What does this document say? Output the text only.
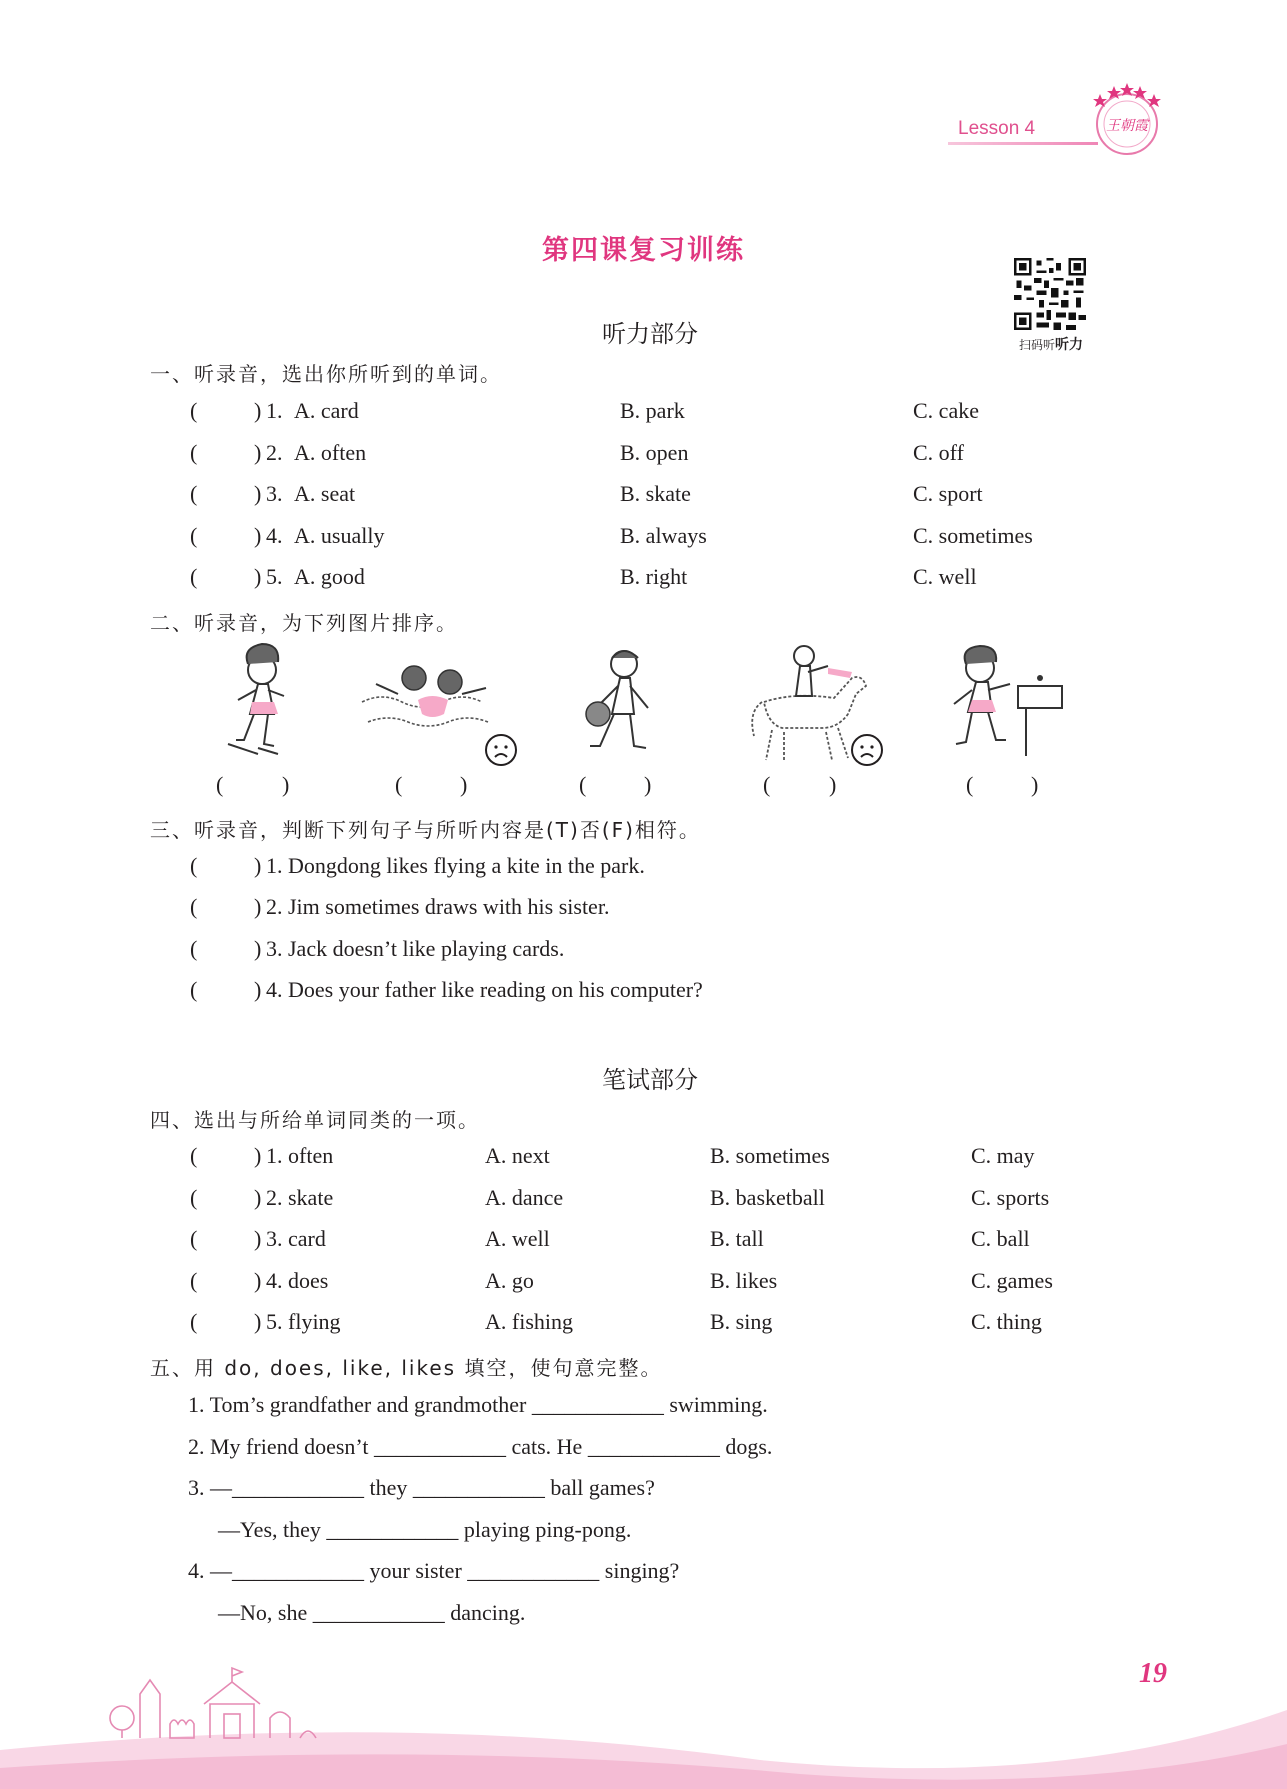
Lesson 4	王朝霞
第四课复习训练
扫码听听力
听力部分
一、听录音，选出你所听到的单词。
(	) 1. A. card	B. park	C. cake
(	) 2. A. often	B. open	C. off
(	) 3. A. seat	B. skate	C. sport
(	) 4. A. usually	B. always	C. sometimes
(	) 5. A. good	B. right	C. well
二、听录音，为下列图片排序。
(	)	(	)	(	)	(	)	(	)
三、听录音，判断下列句子与所听内容是(T)否(F)相符。
(	) 1. Dongdong likes flying a kite in the park.
(	) 2. Jim sometimes draws with his sister.
(	) 3. Jack doesn’t like playing cards.
(	) 4. Does your father like reading on his computer?
笔试部分
四、选出与所给单词同类的一项。
(	) 1. often	A. next	B. sometimes	C. may
(	) 2. skate	A. dance	B. basketball	C. sports
(	) 3. card	A. well	B. tall	C. ball
(	) 4. does	A. go	B. likes	C. games
(	) 5. flying	A. fishing	B. sing	C. thing
五、用 do, does, like, likes 填空，使句意完整。
1. Tom’s grandfather and grandmother ____________ swimming.
2. My friend doesn’t ____________ cats. He ____________ dogs.
3. —____________ they ____________ ball games?
—Yes, they ____________ playing ping-pong.
4. —____________ your sister ____________ singing?
—No, she ____________ dancing.
19
